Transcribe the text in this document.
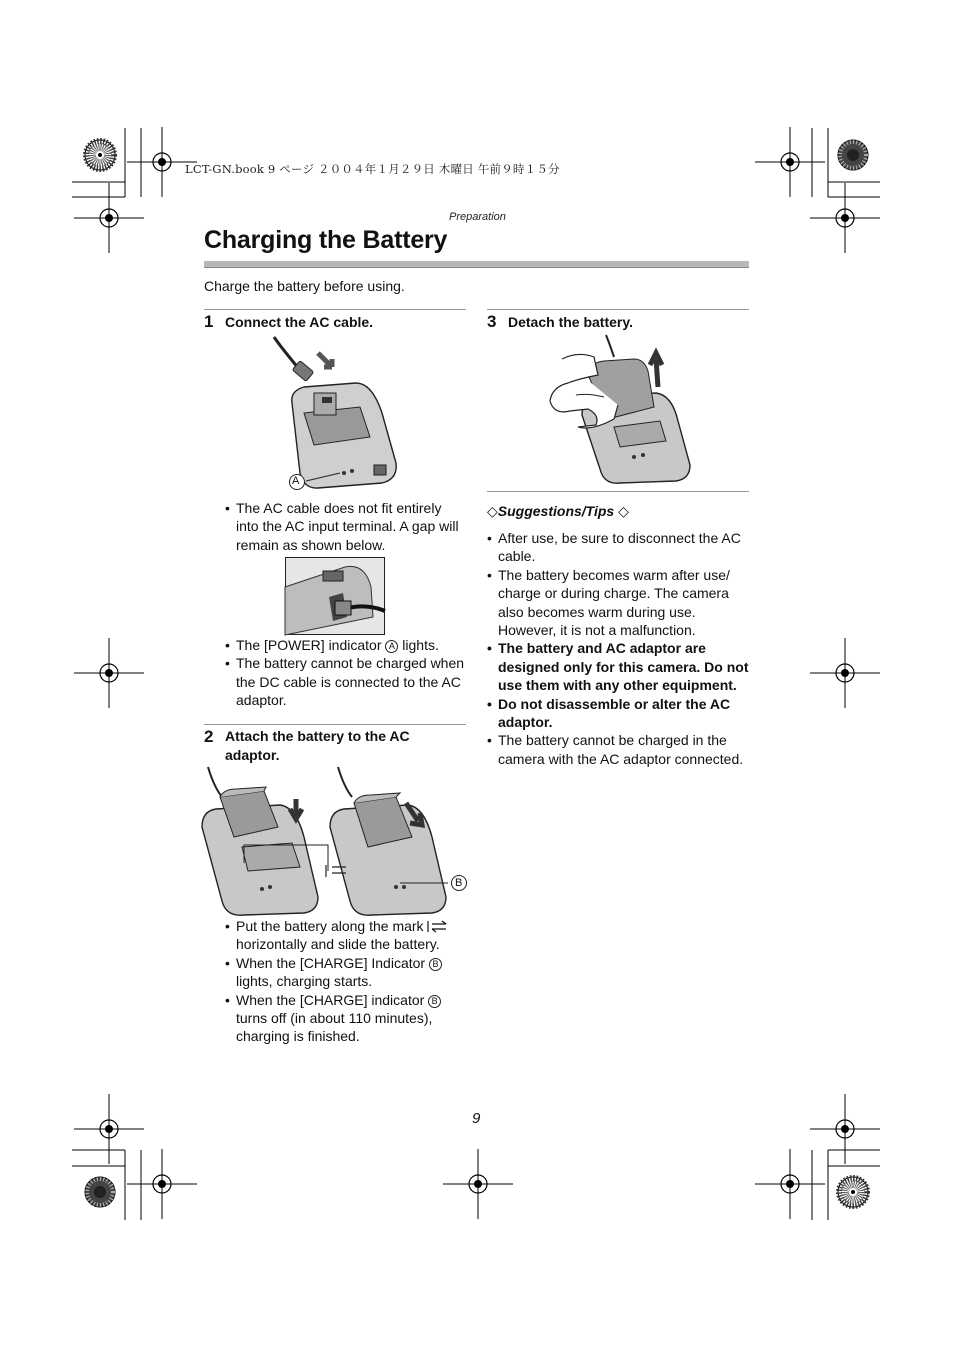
LCT-GN.book 9 ページ ２００４年１月２９日 木曜日 午前９時１５分
Preparation
Charging the Battery
Charge the battery before using.
1 Connect the AC cable.
A
• The AC cable does not fit entirely into the AC input terminal. A gap will remain as shown below.
• The [POWER] indicator A lights.
• The battery cannot be charged when the DC cable is connected to the AC adaptor.
2 Attach the battery to the AC adaptor.
B
• Put the battery along the mark

horizontally and slide the battery.
• When the [CHARGE] Indicator B
lights, charging starts.
• When the [CHARGE] indicator B
turns off (in about 110 minutes), charging is finished.
3 Detach the battery.
◇Suggestions/Tips ◇
• After use, be sure to disconnect the AC cable.
• The battery becomes warm after use/ charge or during charge. The camera also becomes warm during use. However, it is not a malfunction.
• The battery and AC adaptor are designed only for this camera. Do not use them with any other equipment.
• Do not disassemble or alter the AC adaptor.
• The battery cannot be charged in the camera with the AC adaptor connected.
9
